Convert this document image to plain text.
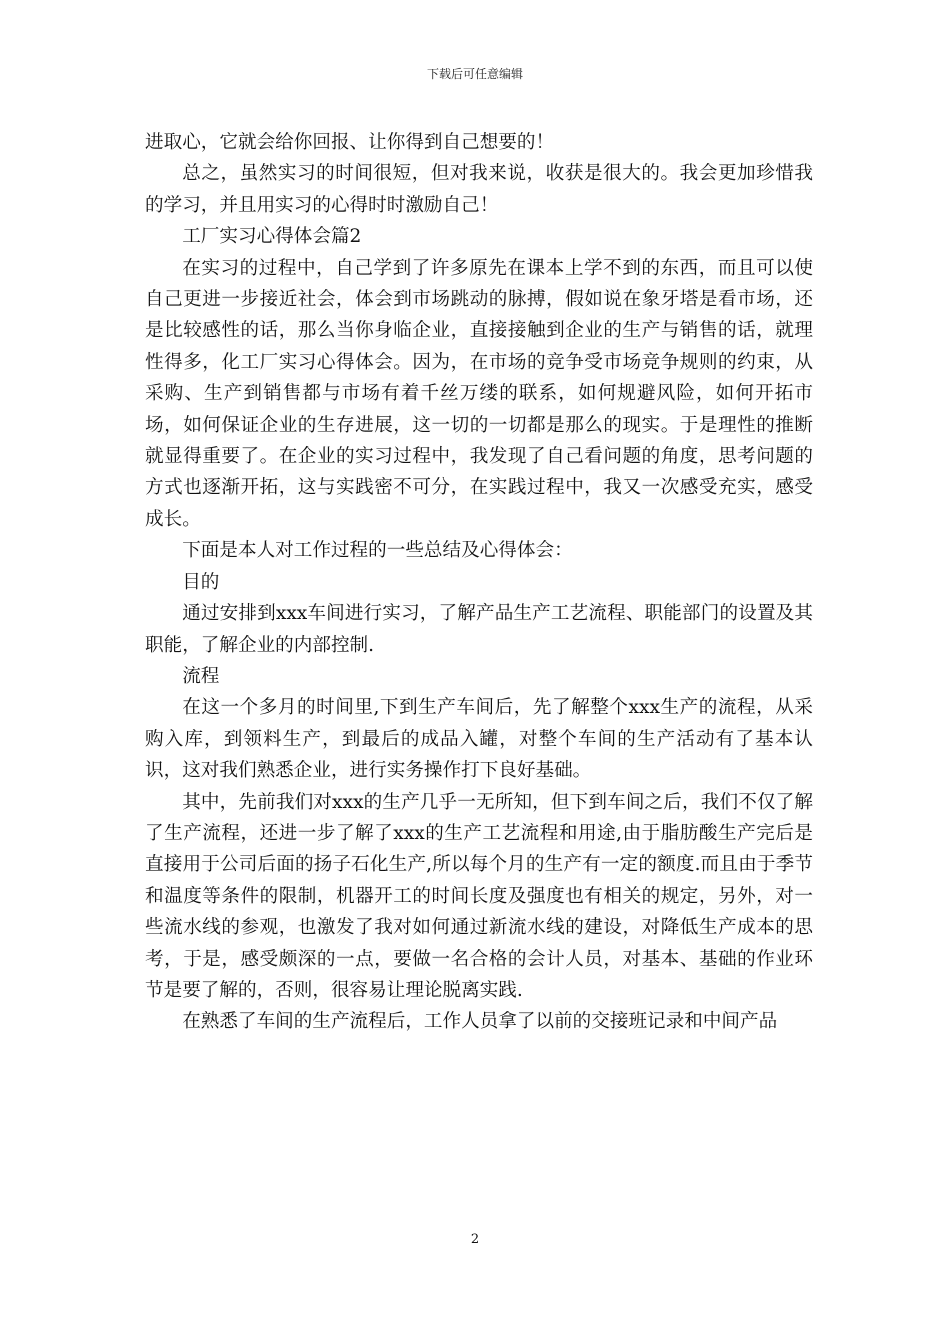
下载后可任意编辑

进取心，它就会给你回报、让你得到自己想要的！

总之，虽然实习的时间很短，但对我来说，收获是很大的。我会更加珍惜我的学习，并且用实习的心得时时激励自己！

工厂实习心得体会篇2

在实习的过程中，自己学到了许多原先在课本上学不到的东西，而且可以使自己更进一步接近社会，体会到市场跳动的脉搏，假如说在象牙塔是看市场，还是比较感性的话，那么当你身临企业，直接接触到企业的生产与销售的话，就理性得多，化工厂实习心得体会。因为，在市场的竞争受市场竞争规则的约束，从采购、生产到销售都与市场有着千丝万缕的联系，如何规避风险，如何开拓市场，如何保证企业的生存进展，这一切的一切都是那么的现实。于是理性的推断就显得重要了。在企业的实习过程中，我发现了自己看问题的角度，思考问题的方式也逐渐开拓，这与实践密不可分，在实践过程中，我又一次感受充实，感受成长。

下面是本人对工作过程的一些总结及心得体会：

目的

通过安排到xxx车间进行实习，了解产品生产工艺流程、职能部门的设置及其职能，了解企业的内部控制.

流程

在这一个多月的时间里,下到生产车间后，先了解整个xxx生产的流程，从采购入库，到领料生产，到最后的成品入罐，对整个车间的生产活动有了基本认识，这对我们熟悉企业，进行实务操作打下良好基础。

其中，先前我们对xxx的生产几乎一无所知，但下到车间之后，我们不仅了解了生产流程，还进一步了解了xxx的生产工艺流程和用途,由于脂肪酸生产完后是直接用于公司后面的扬子石化生产,所以每个月的生产有一定的额度.而且由于季节和温度等条件的限制，机器开工的时间长度及强度也有相关的规定，另外，对一些流水线的参观，也激发了我对如何通过新流水线的建设，对降低生产成本的思考，于是，感受颇深的一点，要做一名合格的会计人员，对基本、基础的作业环节是要了解的，否则，很容易让理论脱离实践.

在熟悉了车间的生产流程后，工作人员拿了以前的交接班记录和中间产品

2
